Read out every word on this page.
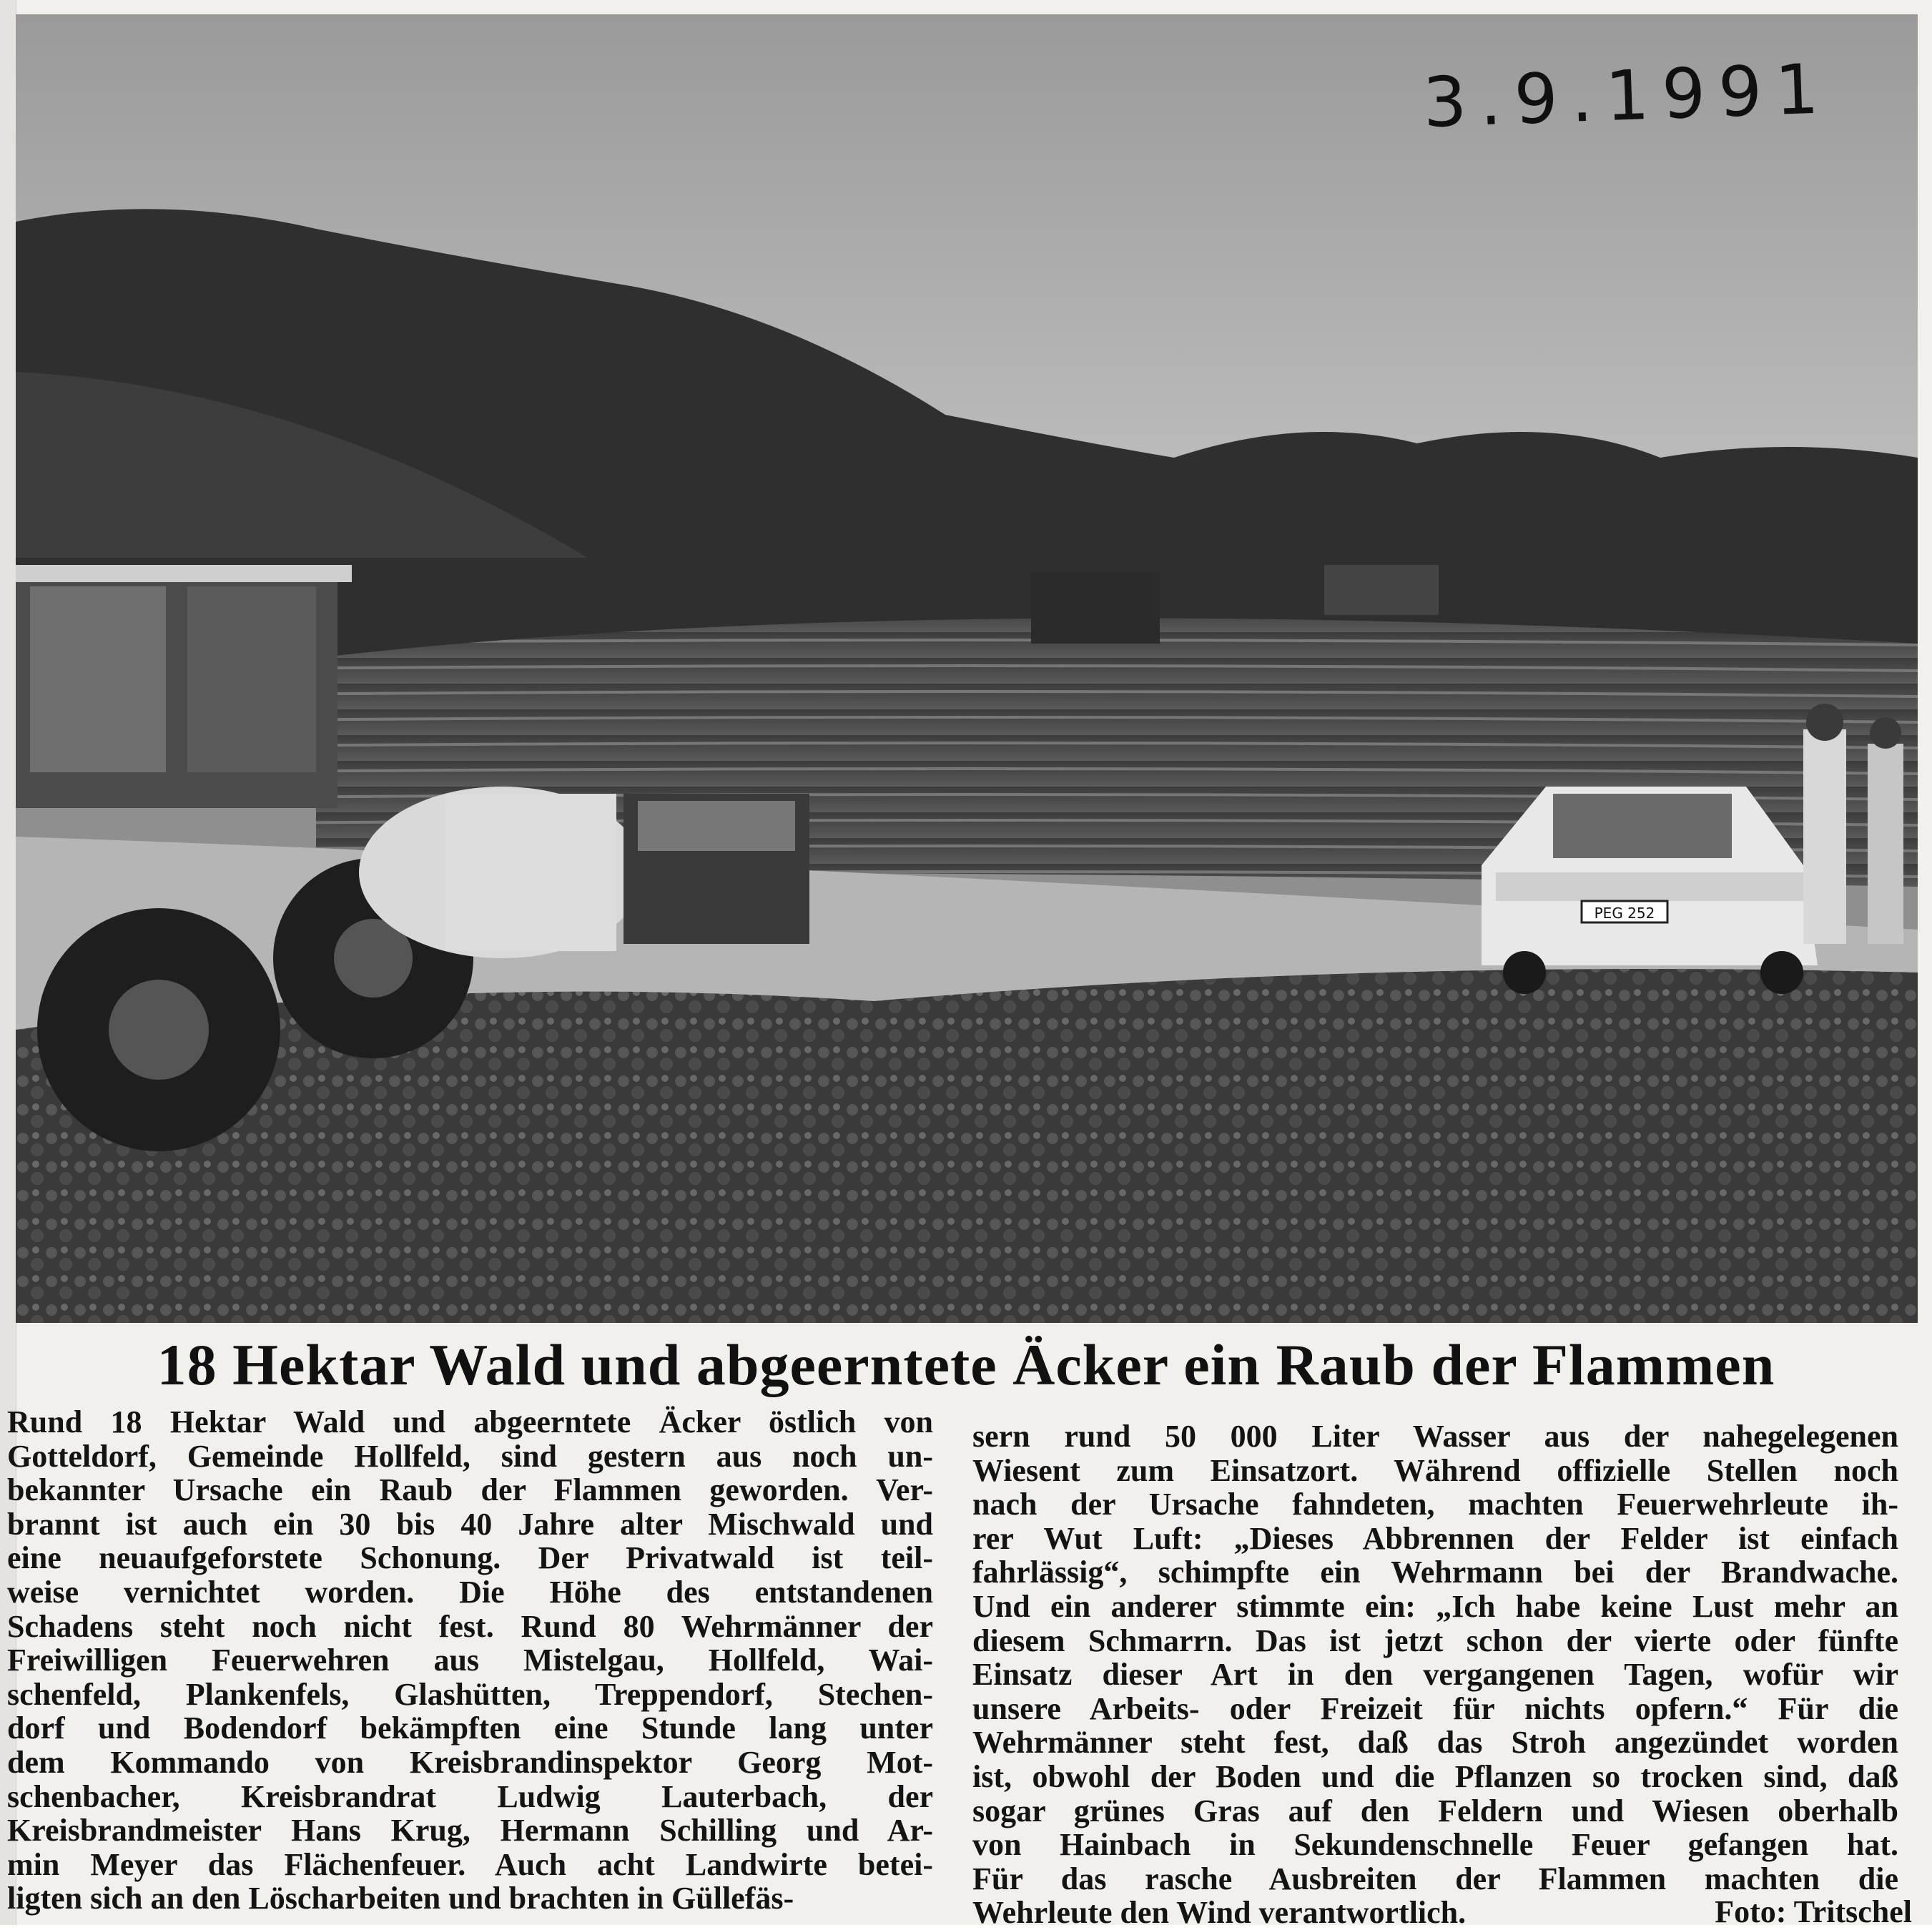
PEG 252
3.9.1991
18 Hektar Wald und abgeerntete Äcker ein Raub der Flammen
Rund 18 Hektar Wald und abgeerntete Äcker östlich von
Gotteldorf, Gemeinde Hollfeld, sind gestern aus noch un-
bekannter Ursache ein Raub der Flammen geworden. Ver-
brannt ist auch ein 30 bis 40 Jahre alter Mischwald und
eine neuaufgeforstete Schonung. Der Privatwald ist teil-
weise vernichtet worden. Die Höhe des entstandenen
Schadens steht noch nicht fest. Rund 80 Wehrmänner der
Freiwilligen Feuerwehren aus Mistelgau, Hollfeld, Wai-
schenfeld, Plankenfels, Glashütten, Treppendorf, Stechen-
dorf und Bodendorf bekämpften eine Stunde lang unter
dem Kommando von Kreisbrandinspektor Georg Mot-
schenbacher, Kreisbrandrat Ludwig Lauterbach, der
Kreisbrandmeister Hans Krug, Hermann Schilling und Ar-
min Meyer das Flächenfeuer. Auch acht Landwirte betei-
ligten sich an den Löscharbeiten und brachten in Güllefäs-
sern rund 50 000 Liter Wasser aus der nahegelegenen
Wiesent zum Einsatzort. Während offizielle Stellen noch
nach der Ursache fahndeten, machten Feuerwehrleute ih-
rer Wut Luft: „Dieses Abbrennen der Felder ist einfach
fahrlässig“, schimpfte ein Wehrmann bei der Brandwache.
Und ein anderer stimmte ein: „Ich habe keine Lust mehr an
diesem Schmarrn. Das ist jetzt schon der vierte oder fünfte
Einsatz dieser Art in den vergangenen Tagen, wofür wir
unsere Arbeits- oder Freizeit für nichts opfern.“ Für die
Wehrmänner steht fest, daß das Stroh angezündet worden
ist, obwohl der Boden und die Pflanzen so trocken sind, daß
sogar grünes Gras auf den Feldern und Wiesen oberhalb
von Hainbach in Sekundenschnelle Feuer gefangen hat.
Für das rasche Ausbreiten der Flammen machten die
Wehrleute den Wind verantwortlich.	Foto: Tritschel
